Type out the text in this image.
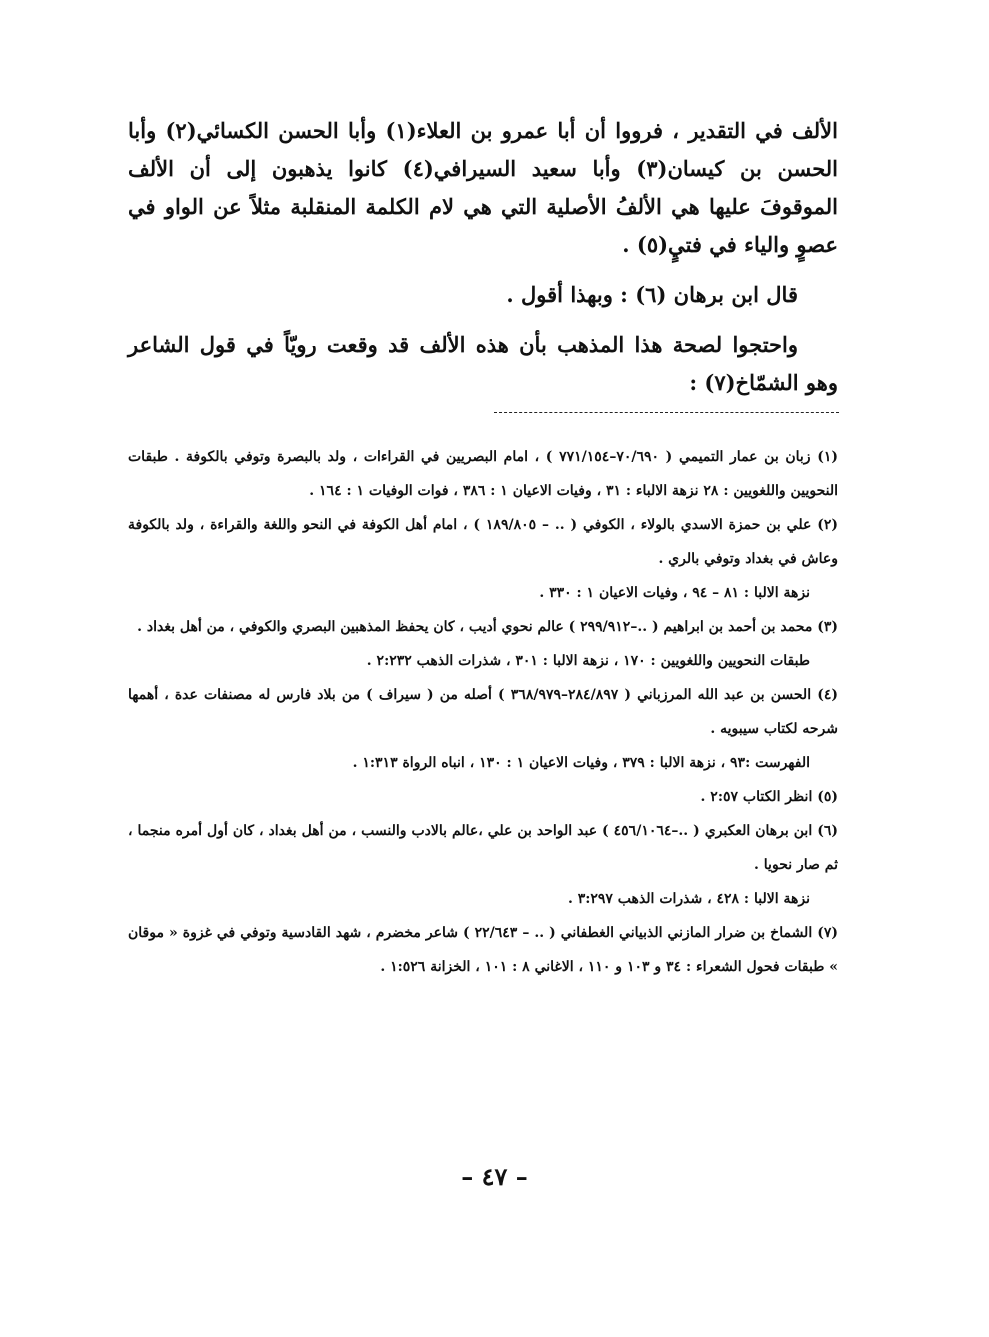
الألف في التقدير ، فرووا أن أبا عمرو بن العلاء(١) وأبا الحسن الكسائي(٢) وأبا الحسن بن كيسان(٣) وأبا سعيد السيرافي(٤) كانوا يذهبون إلى أن الألف الموقوفَ عليها هي الألفُ الأصلية التي هي لام الكلمة المنقلبة مثلاً عن الواو في عصوٍ والياء في فتيٍ(٥) .

قال ابن برهان (٦) : وبهذا أقول .

واحتجوا لصحة هذا المذهب بأن هذه الألف قد وقعت رويّاً في قول الشاعر وهو الشمّاخ(٧) :

(١) زبان بن عمار التميمي ( ٧٠/٦٩٠–٧٧١/١٥٤ ) ، امام البصريين في القراءات ، ولد بالبصرة وتوفي بالكوفة . طبقات النحويين واللغويين : ٢٨ نزهة الالباء : ٣١ ، وفيات الاعيان ١ : ٣٨٦ ، فوات الوفيات ١ : ١٦٤ .

(٢) علي بن حمزة الاسدي بالولاء ، الكوفي ( .. – ١٨٩/٨٠٥ ) ، امام أهل الكوفة في النحو واللغة والقراءة ، ولد بالكوفة وعاش في بغداد وتوفي بالري .

نزهة الالبا : ٨١ – ٩٤ ، وفيات الاعيان ١ : ٣٣٠ .

(٣) محمد بن أحمد بن ابراهيم ( ..–٢٩٩/٩١٢ ) عالم نحوي أديب ، كان يحفظ المذهبين البصري والكوفي ، من أهل بغداد .

طبقات النحويين واللغويين : ١٧٠ ، نزهة الالبا : ٣٠١ ، شذرات الذهب ٢:٢٣٢ .

(٤) الحسن بن عبد الله المرزباني ( ٢٨٤/٨٩٧–٣٦٨/٩٧٩ ) أصله من ( سيراف ) من بلاد فارس له مصنفات عدة ، أهمها شرحه لكتاب سيبويه .

الفهرست :٩٣ ، نزهة الالبا : ٣٧٩ ، وفيات الاعيان ١ : ١٣٠ ، انباه الرواة ١:٣١٣ .

(٥) انظر الكتاب ٢:٥٧ .

(٦) ابن برهان العكبري ( ..–٤٥٦/١٠٦٤ ) عبد الواحد بن علي ،عالم بالادب والنسب ، من أهل بغداد ، كان أول أمره منجما ، ثم صار نحويا .

نزهة الالبا : ٤٢٨ ، شذرات الذهب ٣:٢٩٧ .

(٧) الشماخ بن ضرار المازني الذبياني الغطفاني ( .. – ٢٢/٦٤٣ ) شاعر مخضرم ، شهد القادسية وتوفي في غزوة « موقان » طبقات فحول الشعراء : ٣٤ و ١٠٣ و ١١٠ ، الاغاني ٨ : ١٠١ ، الخزانة ١:٥٢٦ .

– ٤٧ –
